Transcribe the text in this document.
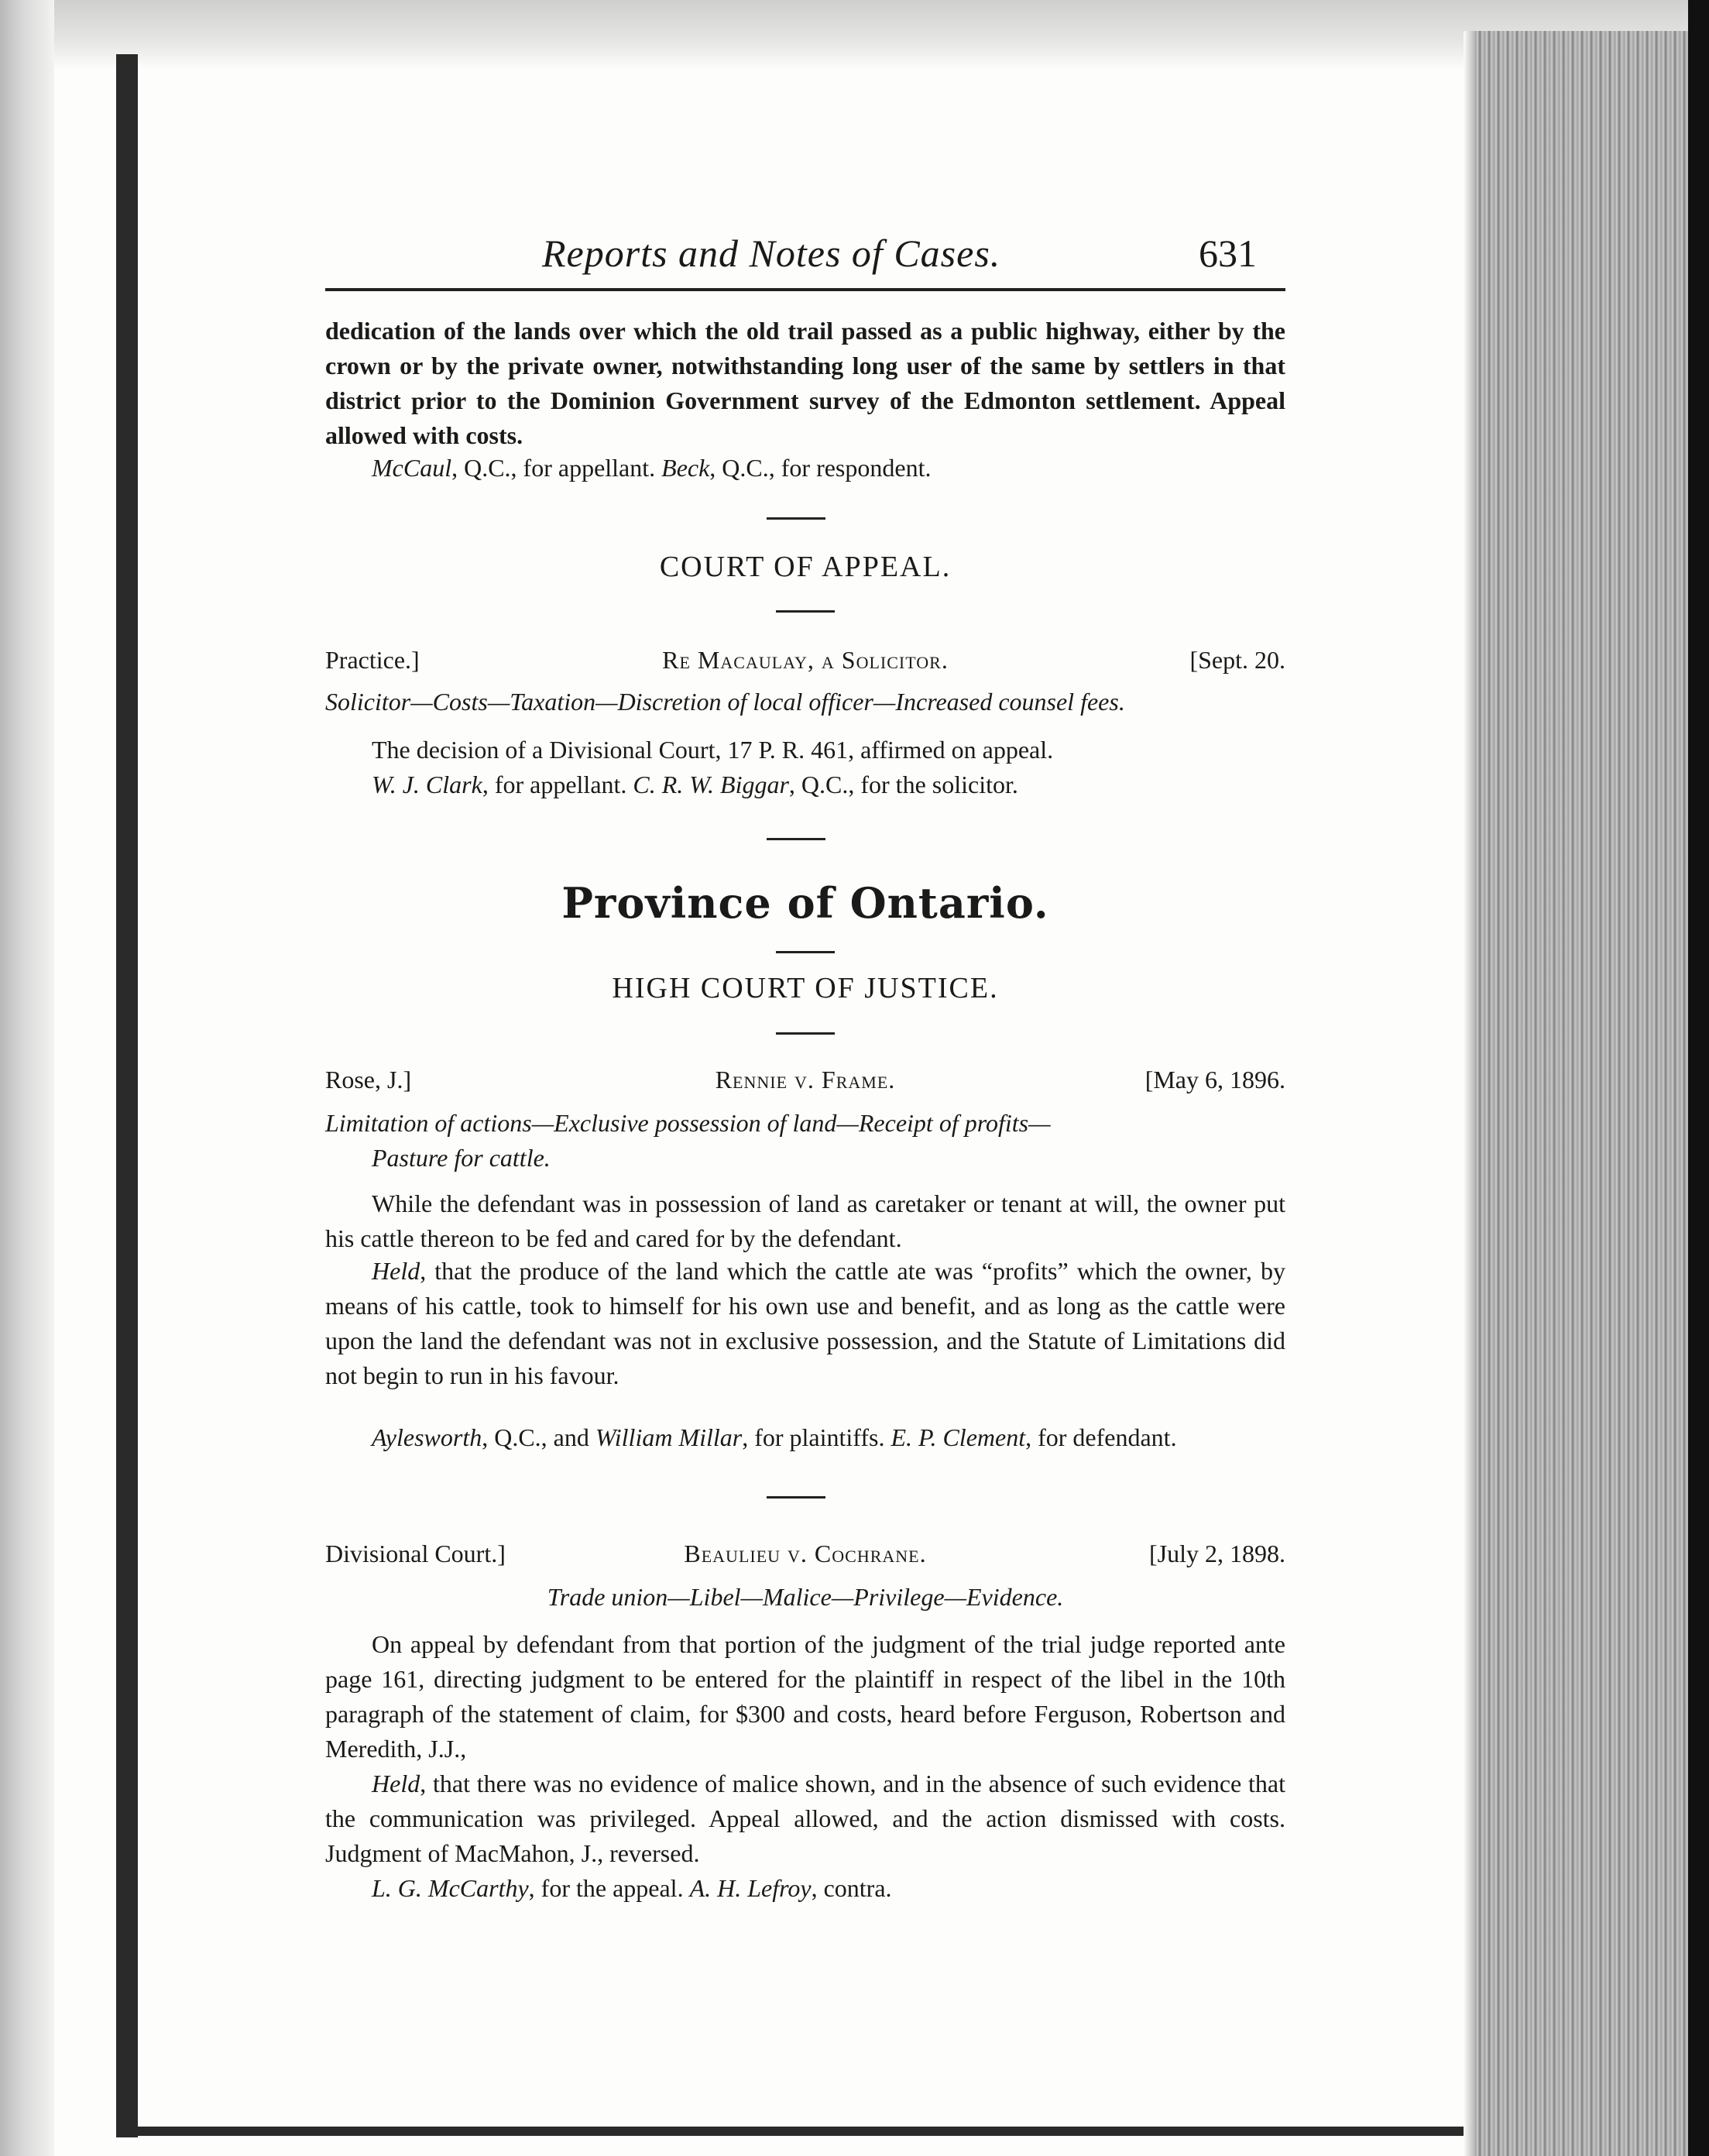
Reports and Notes of Cases.	631
dedication of the lands over which the old trail passed as a public highway, either by the crown or by the private owner, notwithstanding long user of the same by settlers in that district prior to the Dominion Government survey of the Edmonton settlement. Appeal allowed with costs.
McCaul, Q.C., for appellant. Beck, Q.C., for respondent.
COURT OF APPEAL.
Practice.]	Re Macaulay, a Solicitor.	[Sept. 20.
Solicitor—Costs—Taxation—Discretion of local officer—Increased counsel fees.
The decision of a Divisional Court, 17 P. R. 461, affirmed on appeal.
W. J. Clark, for appellant. C. R. W. Biggar, Q.C., for the solicitor.
Province of Ontario.
HIGH COURT OF JUSTICE.
Rose, J.]	Rennie v. Frame.	[May 6, 1896.
Limitation of actions—Exclusive possession of land—Receipt of profits—
Pasture for cattle.
While the defendant was in possession of land as caretaker or tenant at will, the owner put his cattle thereon to be fed and cared for by the defendant.
Held, that the produce of the land which the cattle ate was “profits” which the owner, by means of his cattle, took to himself for his own use and benefit, and as long as the cattle were upon the land the defendant was not in exclusive possession, and the Statute of Limitations did not begin to run in his favour.
Aylesworth, Q.C., and William Millar, for plaintiffs. E. P. Clement, for defendant.
Divisional Court.]	Beaulieu v. Cochrane.	[July 2, 1898.
Trade union—Libel—Malice—Privilege—Evidence.
On appeal by defendant from that portion of the judgment of the trial judge reported ante page 161, directing judgment to be entered for the plaintiff in respect of the libel in the 10th paragraph of the statement of claim, for $300 and costs, heard before Ferguson, Robertson and Meredith, J.J.,
Held, that there was no evidence of malice shown, and in the absence of such evidence that the communication was privileged. Appeal allowed, and the action dismissed with costs. Judgment of MacMahon, J., reversed.
L. G. McCarthy, for the appeal. A. H. Lefroy, contra.
